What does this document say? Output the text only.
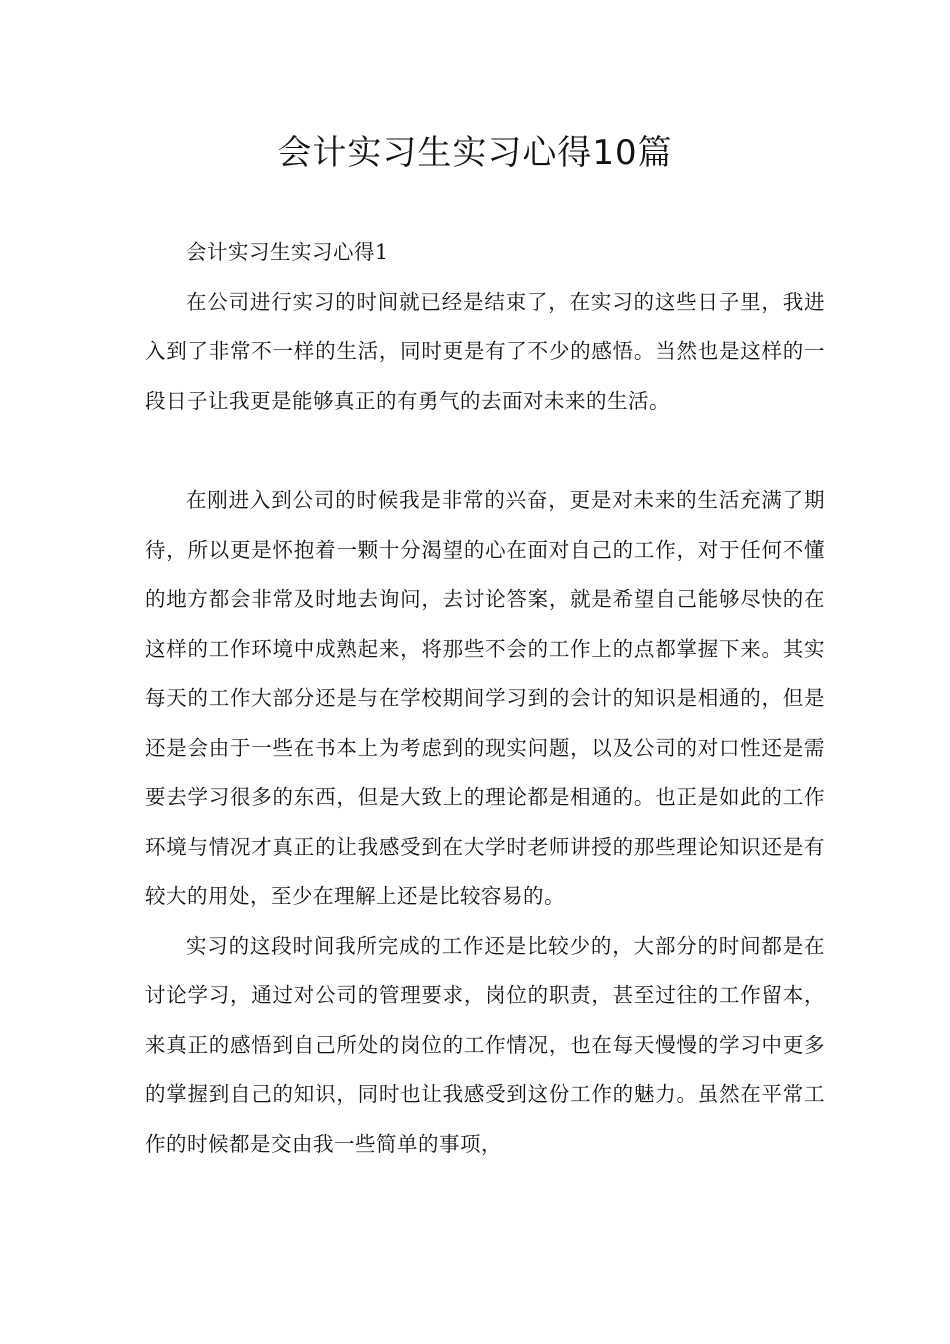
会计实习生实习心得10篇

会计实习生实习心得1

在公司进行实习的时间就已经是结束了，在实习的这些日子里，我进入到了非常不一样的生活，同时更是有了不少的感悟。当然也是这样的一段日子让我更是能够真正的有勇气的去面对未来的生活。

在刚进入到公司的时候我是非常的兴奋，更是对未来的生活充满了期待，所以更是怀抱着一颗十分渴望的心在面对自己的工作，对于任何不懂的地方都会非常及时地去询问，去讨论答案，就是希望自己能够尽快的在这样的工作环境中成熟起来，将那些不会的工作上的点都掌握下来。其实每天的工作大部分还是与在学校期间学习到的会计的知识是相通的，但是还是会由于一些在书本上为考虑到的现实问题，以及公司的对口性还是需要去学习很多的东西，但是大致上的理论都是相通的。也正是如此的工作环境与情况才真正的让我感受到在大学时老师讲授的那些理论知识还是有较大的用处，至少在理解上还是比较容易的。

实习的这段时间我所完成的工作还是比较少的，大部分的时间都是在讨论学习，通过对公司的管理要求，岗位的职责，甚至过往的工作留本，来真正的感悟到自己所处的岗位的工作情况，也在每天慢慢的学习中更多的掌握到自己的知识，同时也让我感受到这份工作的魅力。虽然在平常工作的时候都是交由我一些简单的事项，
